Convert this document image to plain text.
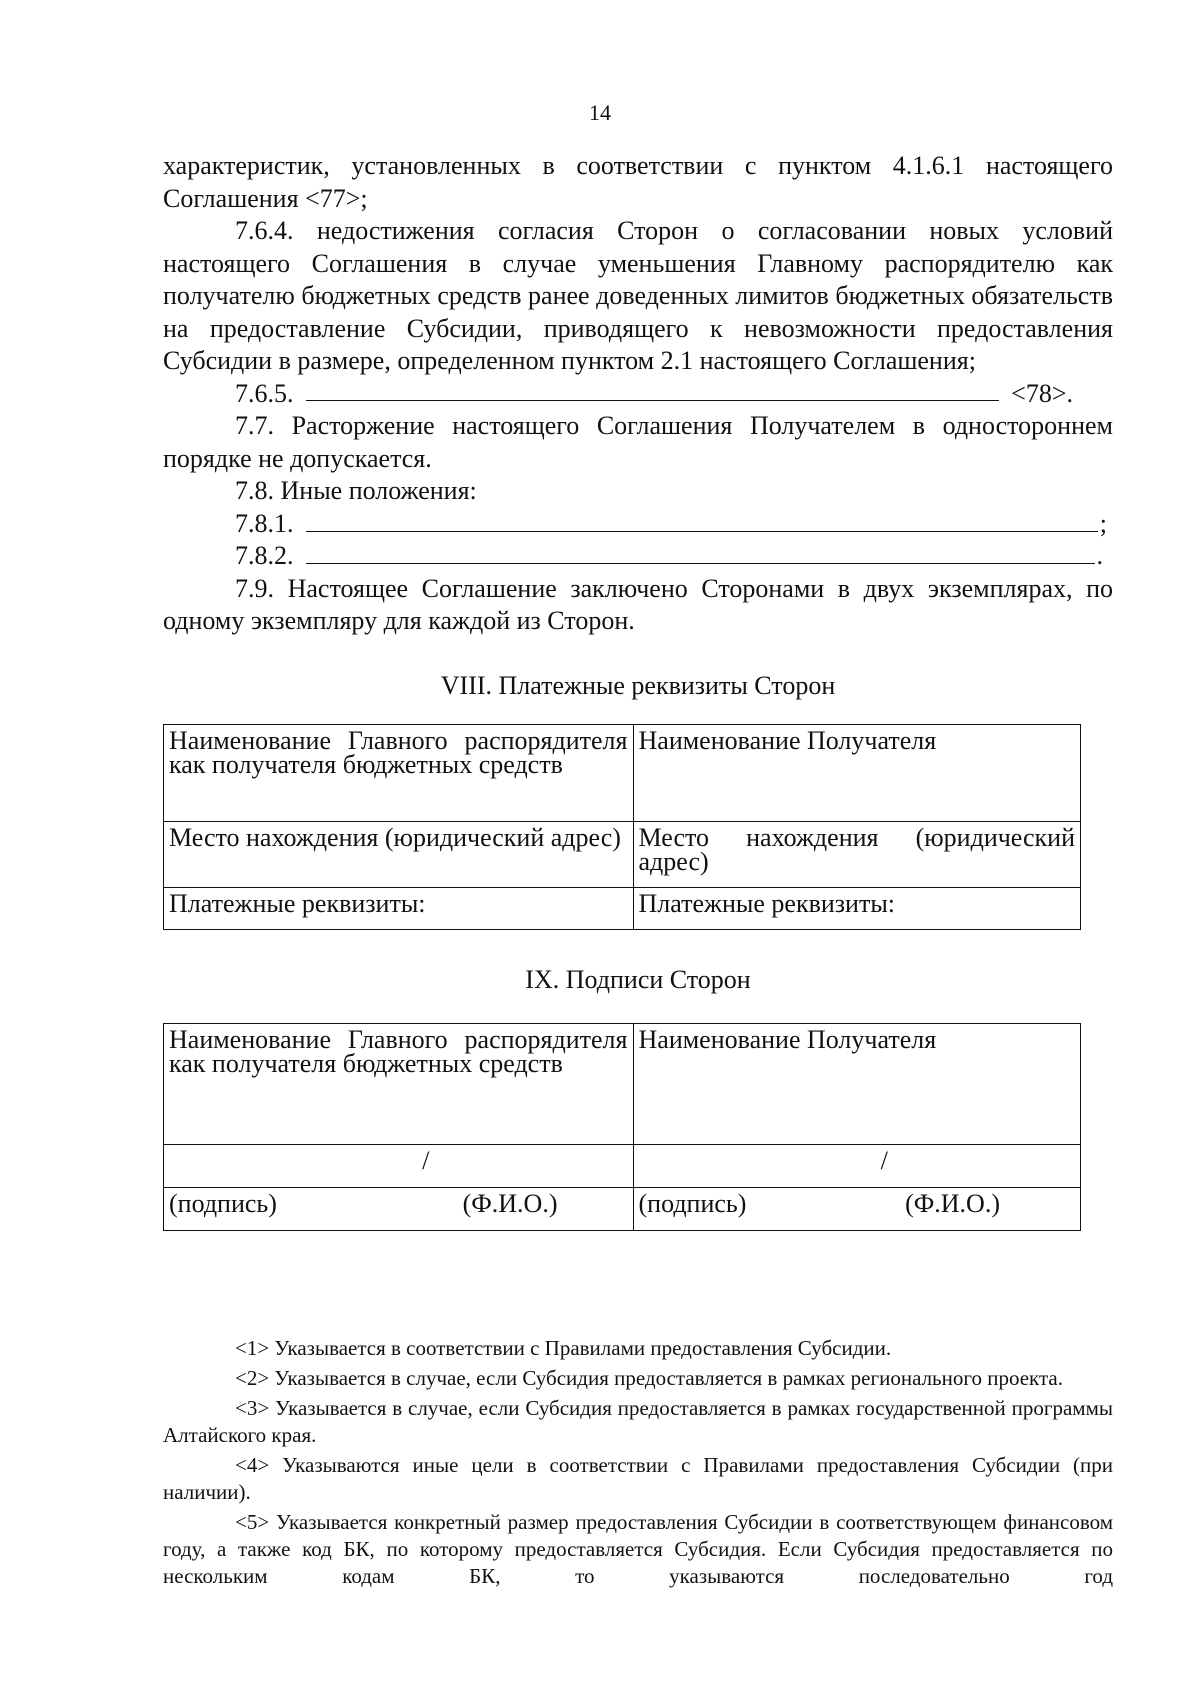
14

характеристик, установленных в соответствии с пунктом 4.1.6.1 настоящего Соглашения <77>;

7.6.4. недостижения согласия Сторон о согласовании новых условий настоящего Соглашения в случае уменьшения Главному распорядителю как получателю бюджетных средств ранее доведенных лимитов бюджетных обязательств на предоставление Субсидии, приводящего к невозможности предоставления Субсидии в размере, определенном пунктом 2.1 настоящего Соглашения;

7.6.5.	<78>.

7.7. Расторжение настоящего Соглашения Получателем в одностороннем порядке не допускается.

7.8. Иные положения:

7.8.1.	;
7.8.2.	.

7.9. Настоящее Соглашение заключено Сторонами в двух экземплярах, по одному экземпляру для каждой из Сторон.

VIII. Платежные реквизиты Сторон
Наименование Главного распорядителя как получателя бюджетных средств	Наименование Получателя

Место нахождения (юридический адрес)	Место нахождения (юридический адрес)

Платежные реквизиты:	Платежные реквизиты:
IX. Подписи Сторон
Наименование Главного распорядителя как получателя бюджетных средств	Наименование Получателя

/	/

(подпись) (Ф.И.О.)	(подпись) (Ф.И.О.)

<1> Указывается в соответствии с Правилами предоставления Субсидии.

<2> Указывается в случае, если Субсидия предоставляется в рамках регионального проекта.

<3> Указывается в случае, если Субсидия предоставляется в рамках государственной программы Алтайского края.

<4> Указываются иные цели в соответствии с Правилами предоставления Субсидии (при наличии).

<5> Указывается конкретный размер предоставления Субсидии в соответствующем финансовом году, а также код БК, по которому предоставляется Субсидия. Если Субсидия предоставляется по нескольким кодам БК, то указываются последовательно год
